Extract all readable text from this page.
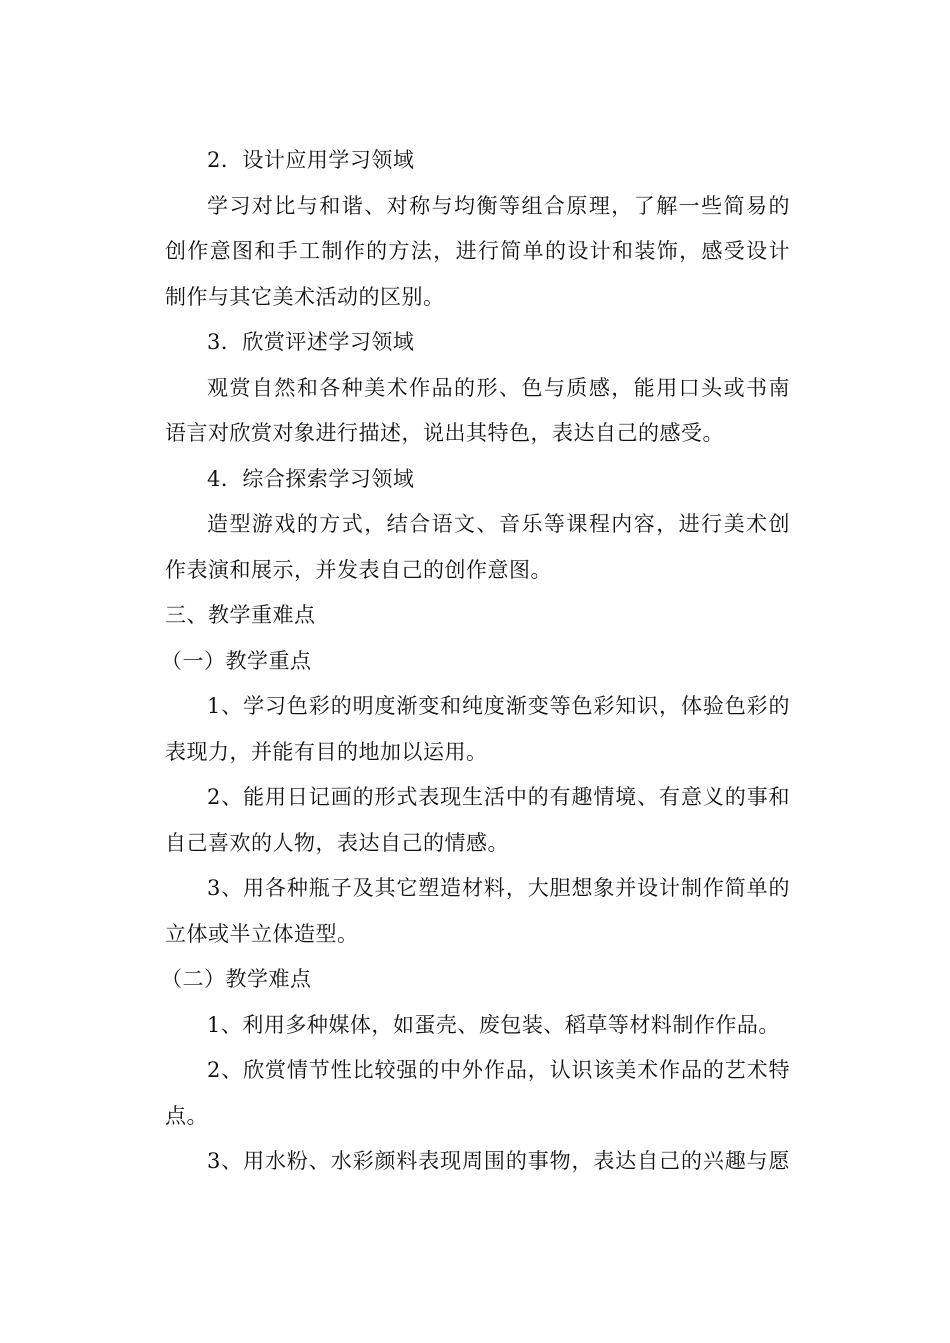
2．设计应用学习领域
学习对比与和谐、对称与均衡等组合原理，了解一些简易的
创作意图和手工制作的方法，进行简单的设计和装饰，感受设计
制作与其它美术活动的区别。
3．欣赏评述学习领域
观赏自然和各种美术作品的形、色与质感，能用口头或书南
语言对欣赏对象进行描述，说出其特色，表达自己的感受。
4．综合探索学习领域
造型游戏的方式，结合语文、音乐等课程内容，进行美术创
作表演和展示，并发表自己的创作意图。
三、教学重难点
（一）教学重点
1、学习色彩的明度渐变和纯度渐变等色彩知识，体验色彩的
表现力，并能有目的地加以运用。
2、能用日记画的形式表现生活中的有趣情境、有意义的事和
自己喜欢的人物，表达自己的情感。
3、用各种瓶子及其它塑造材料，大胆想象并设计制作简单的
立体或半立体造型。
（二）教学难点
1、利用多种媒体，如蛋壳、废包装、稻草等材料制作作品。
2、欣赏情节性比较强的中外作品，认识该美术作品的艺术特
点。
3、用水粉、水彩颜料表现周围的事物，表达自己的兴趣与愿
